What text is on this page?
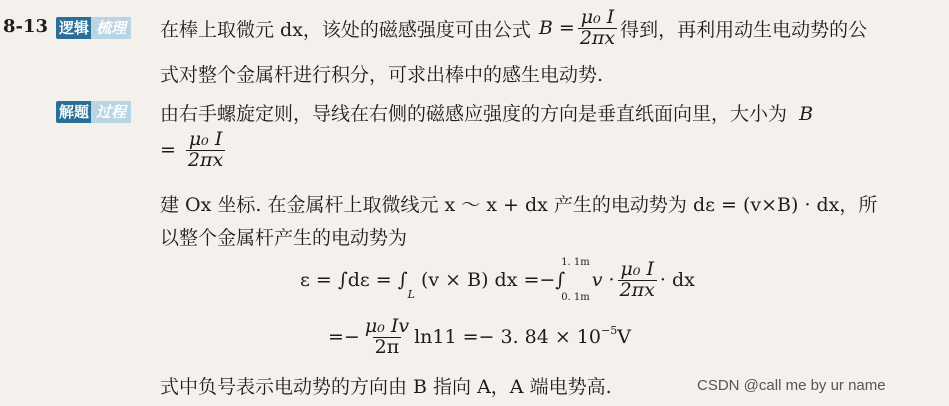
8-13 逻辑 梳理 在棒上取微元 dx，该处的磁感强度可由公式 $B = \frac{\text{μ₀ I}}{2\pi x}$ 得到，再利用动生电动势的公
式对整个金属杆进行积分，可求出棒中的感生电动势.
解题 过程 由右手螺旋定则，导线在右侧的磁感应强度的方向是垂直纸面向里，大小为 B
= $\frac{\text{μ₀ I}}{2\pi x}$
建 Ox 坐标. 在金属杆上取微线元 x ～ x + dx 产生的电动势为 dε = (v×B) · dx，所
以整个金属杆产生的电动势为
ε = ∫dε = ∫
L
(v × B) dx =−∫
1. 1m
0. 1m
$v \cdot \frac{\text{μ₀ I}}{2\pi x}$ · dx
=− $\frac{\text{μ₀ Iv}}{2\pi} \ln 11 =- 3$. $84 \times 10^{-5}$ V
式中负号表示电动势的方向由 B 指向 A，A 端电势高.	CSDN @call me by ur name
